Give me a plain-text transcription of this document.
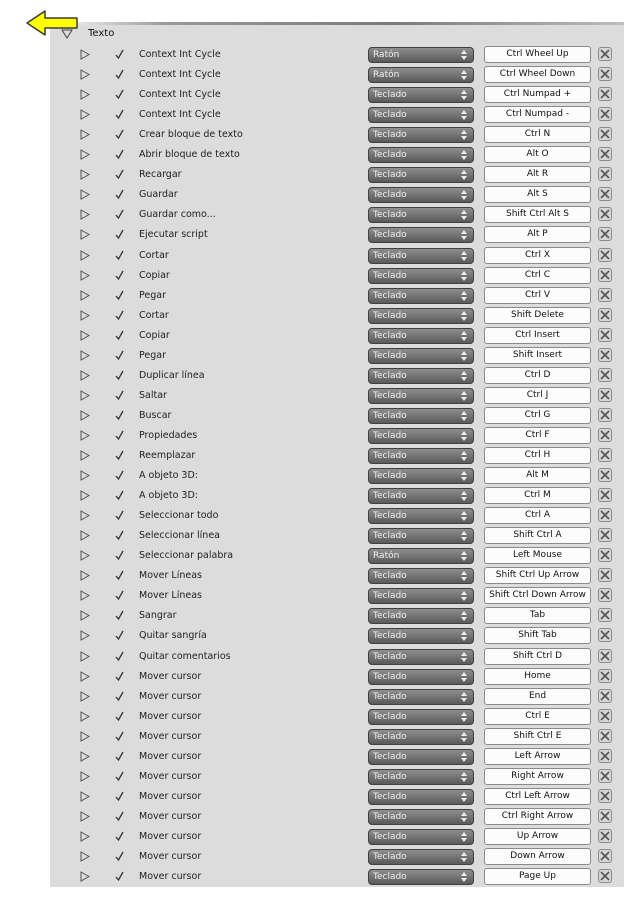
Texto
Context Int Cycle	Ratón	Ctrl Wheel Up
Context Int Cycle	Ratón	Ctrl Wheel Down
Context Int Cycle	Teclado	Ctrl Numpad +
Context Int Cycle	Teclado	Ctrl Numpad -
Crear bloque de texto	Teclado	Ctrl N
Abrir bloque de texto	Teclado	Alt O
Recargar	Teclado	Alt R
Guardar	Teclado	Alt S
Guardar como...	Teclado	Shift Ctrl Alt S
Ejecutar script	Teclado	Alt P
Cortar	Teclado	Ctrl X
Copiar	Teclado	Ctrl C
Pegar	Teclado	Ctrl V
Cortar	Teclado	Shift Delete
Copiar	Teclado	Ctrl Insert
Pegar	Teclado	Shift Insert
Duplicar línea	Teclado	Ctrl D
Saltar	Teclado	Ctrl J
Buscar	Teclado	Ctrl G
Propiedades	Teclado	Ctrl F
Reemplazar	Teclado	Ctrl H
A objeto 3D:	Teclado	Alt M
A objeto 3D:	Teclado	Ctrl M
Seleccionar todo	Teclado	Ctrl A
Seleccionar línea	Teclado	Shift Ctrl A
Seleccionar palabra	Ratón	Left Mouse
Mover Líneas	Teclado	Shift Ctrl Up Arrow
Mover Líneas	Teclado	Shift Ctrl Down Arrow
Sangrar	Teclado	Tab
Quitar sangría	Teclado	Shift Tab
Quitar comentarios	Teclado	Shift Ctrl D
Mover cursor	Teclado	Home
Mover cursor	Teclado	End
Mover cursor	Teclado	Ctrl E
Mover cursor	Teclado	Shift Ctrl E
Mover cursor	Teclado	Left Arrow
Mover cursor	Teclado	Right Arrow
Mover cursor	Teclado	Ctrl Left Arrow
Mover cursor	Teclado	Ctrl Right Arrow
Mover cursor	Teclado	Up Arrow
Mover cursor	Teclado	Down Arrow
Mover cursor	Teclado	Page Up
